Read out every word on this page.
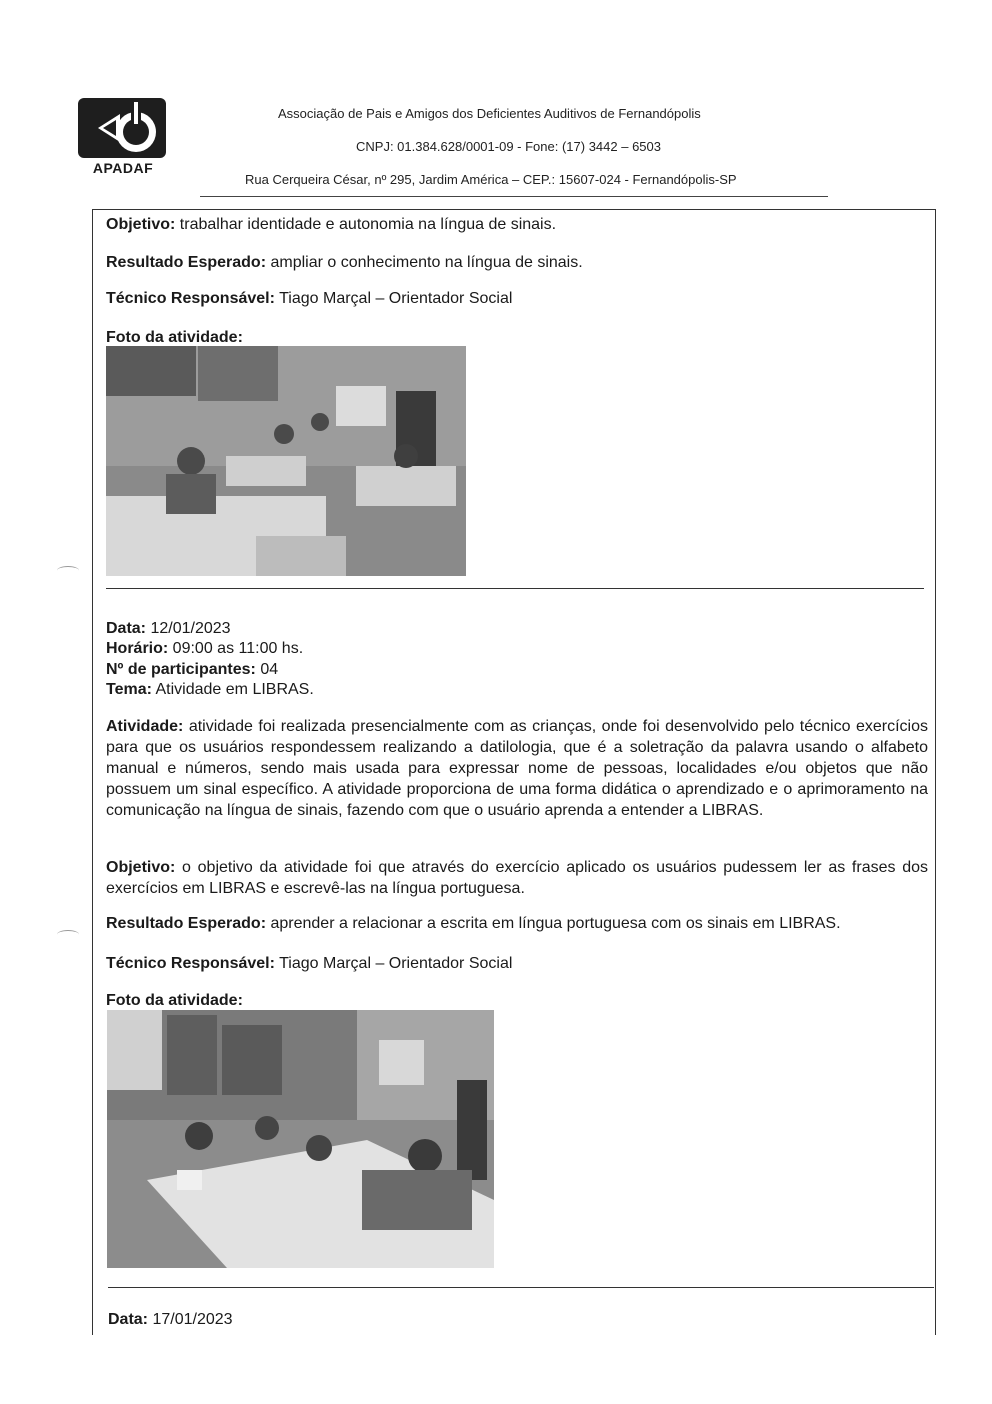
APADAF
Associação de Pais e Amigos dos Deficientes Auditivos de Fernandópolis
CNPJ: 01.384.628/0001-09 - Fone: (17) 3442 – 6503
Rua Cerqueira César, nº 295, Jardim América – CEP.: 15607-024 - Fernandópolis-SP
Objetivo: trabalhar identidade e autonomia na língua de sinais.
Resultado Esperado: ampliar o conhecimento na língua de sinais.
Técnico Responsável: Tiago Marçal – Orientador Social
Foto da atividade:
Data: 12/01/2023
Horário: 09:00 as 11:00 hs.
Nº de participantes: 04
Tema: Atividade em LIBRAS.
Atividade: atividade foi realizada presencialmente com as crianças, onde foi desenvolvido pelo técnico exercícios para que os usuários respondessem realizando a datilologia, que é a soletração da palavra usando o alfabeto manual e números, sendo mais usada para expressar nome de pessoas, localidades e/ou objetos que não possuem um sinal específico. A atividade proporciona de uma forma didática o aprendizado e o aprimoramento na comunicação na língua de sinais, fazendo com que o usuário aprenda a entender a LIBRAS.
Objetivo: o objetivo da atividade foi que através do exercício aplicado os usuários pudessem ler as frases dos exercícios em LIBRAS e escrevê-las na língua portuguesa.
Resultado Esperado: aprender a relacionar a escrita em língua portuguesa com os sinais em LIBRAS.
Técnico Responsável: Tiago Marçal – Orientador Social
Foto da atividade:
Data: 17/01/2023
